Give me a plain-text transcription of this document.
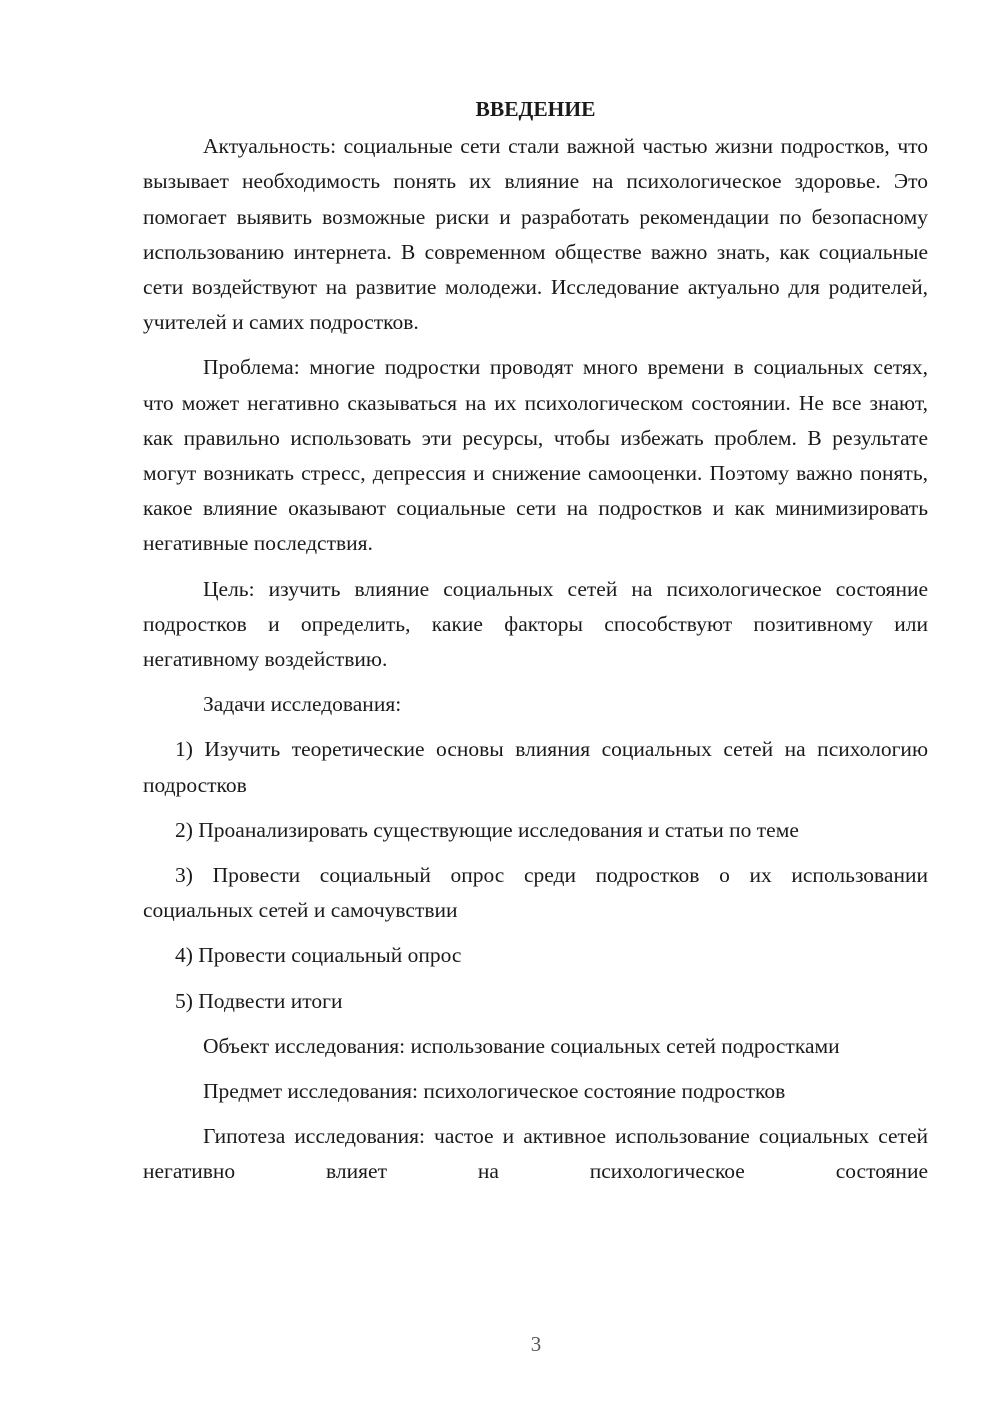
ВВЕДЕНИЕ

Актуальность: социальные сети стали важной частью жизни подростков, что вызывает необходимость понять их влияние на психологическое здоровье. Это помогает выявить возможные риски и разработать рекомендации по безопасному использованию интернета. В современном обществе важно знать, как социальные сети воздействуют на развитие молодежи. Исследование актуально для родителей, учителей и самих подростков.

Проблема: многие подростки проводят много времени в социальных сетях, что может негативно сказываться на их психологическом состоянии. Не все знают, как правильно использовать эти ресурсы, чтобы избежать проблем. В результате могут возникать стресс, депрессия и снижение самооценки. Поэтому важно понять, какое влияние оказывают социальные сети на подростков и как минимизировать негативные последствия.

Цель: изучить влияние социальных сетей на психологическое состояние подростков и определить, какие факторы способствуют позитивному или негативному воздействию.

Задачи исследования:

1) Изучить теоретические основы влияния социальных сетей на психологию подростков

2) Проанализировать существующие исследования и статьи по теме

3) Провести социальный опрос среди подростков о их использовании социальных сетей и самочувствии

4) Провести социальный опрос

5) Подвести итоги

Объект исследования: использование социальных сетей подростками

Предмет исследования: психологическое состояние подростков

Гипотеза исследования: частое и активное использование социальных сетей негативно влияет на психологическое состояние

3
